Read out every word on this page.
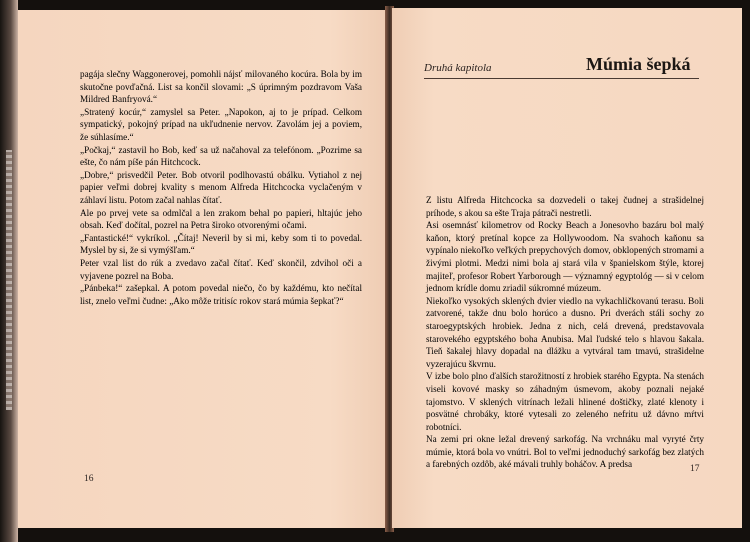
pagája slečny Waggonerovej, pomohli nájsť milovaného kocúra. Bola by im skutočne povďačná. List sa končil slovami: „S úprimným pozdravom Vaša Mildred Banfryová.“
„Stratený kocúr,“ zamyslel sa Peter. „Napokon, aj to je prípad. Celkom sympatický, pokojný prípad na ukľudnenie nervov. Zavolám jej a poviem, že súhlasíme.“
„Počkaj,“ zastavil ho Bob, keď sa už načahoval za telefónom. „Pozrime sa ešte, čo nám píše pán Hitchcock.
„Dobre,“ prisvedčil Peter. Bob otvoril podlhovastú obálku. Vytiahol z nej papier veľmi dobrej kvality s menom Alfreda Hitchcocka vyclačeným v záhlaví listu. Potom začal nahlas čítať.
Ale po prvej vete sa odmlčal a len zrakom behal po papieri, hltajúc jeho obsah. Keď dočítal, pozrel na Petra široko otvorenými očami.
„Fantastické!“ vykríkol. „Čítaj! Neveril by si mi, keby som ti to povedal. Myslel by si, že si vymýšľam.“
Peter vzal list do rúk a zvedavo začal čítať. Keď skončil, zdvihol oči a vyjavene pozrel na Boba.
„Pánbeka!“ zašepkal. A potom povedal niečo, čo by každému, kto nečítal list, znelo veľmi čudne: „Ako môže tritisíc rokov stará múmia šepkať?“
16
Druhá kapitola	Múmia šepká
Z listu Alfreda Hitchcocka sa dozvedeli o takej čudnej a strašidelnej príhode, s akou sa ešte Traja pátrači nestretli.
Asi osemnásť kilometrov od Rocky Beach a Jonesovho bazáru bol malý kaňon, ktorý pretínal kopce za Hollywoodom. Na svahoch kaňonu sa vypínalo niekoľko veľkých prepychových domov, obklopených stromami a živými plotmi. Medzi nimi bola aj stará vila v španielskom štýle, ktorej majiteľ, profesor Robert Yarborough — významný egyptológ — si v celom jednom krídle domu zriadil súkromné múzeum.
Niekoľko vysokých sklených dvier viedlo na vykachličkovanú terasu. Boli zatvorené, takže dnu bolo horúco a dusno. Pri dverách stáli sochy zo staroegyptských hrobiek. Jedna z nich, celá drevená, predstavovala starovekého egyptského boha Anubisa. Mal ľudské telo s hlavou šakala. Tieň šakalej hlavy dopadal na dlážku a vytváral tam tmavú, strašidelne vyzerajúcu škvrnu.
V izbe bolo plno ďalších starožitností z hrobiek starého Egypta. Na stenách viseli kovové masky so záhadným úsmevom, akoby poznali nejaké tajomstvo. V sklených vitrínach ležali hlinené doštičky, zlaté klenoty i posvätné chrobáky, ktoré vytesali zo zeleného nefritu už dávno mŕtvi robotníci.
Na zemi pri okne ležal drevený sarkofág. Na vrchnáku mal vyryté črty múmie, ktorá bola vo vnútri. Bol to veľmi jednoduchý sarkofág bez zlatých a farebných ozdôb, aké mávali truhly boháčov. A predsa	17
